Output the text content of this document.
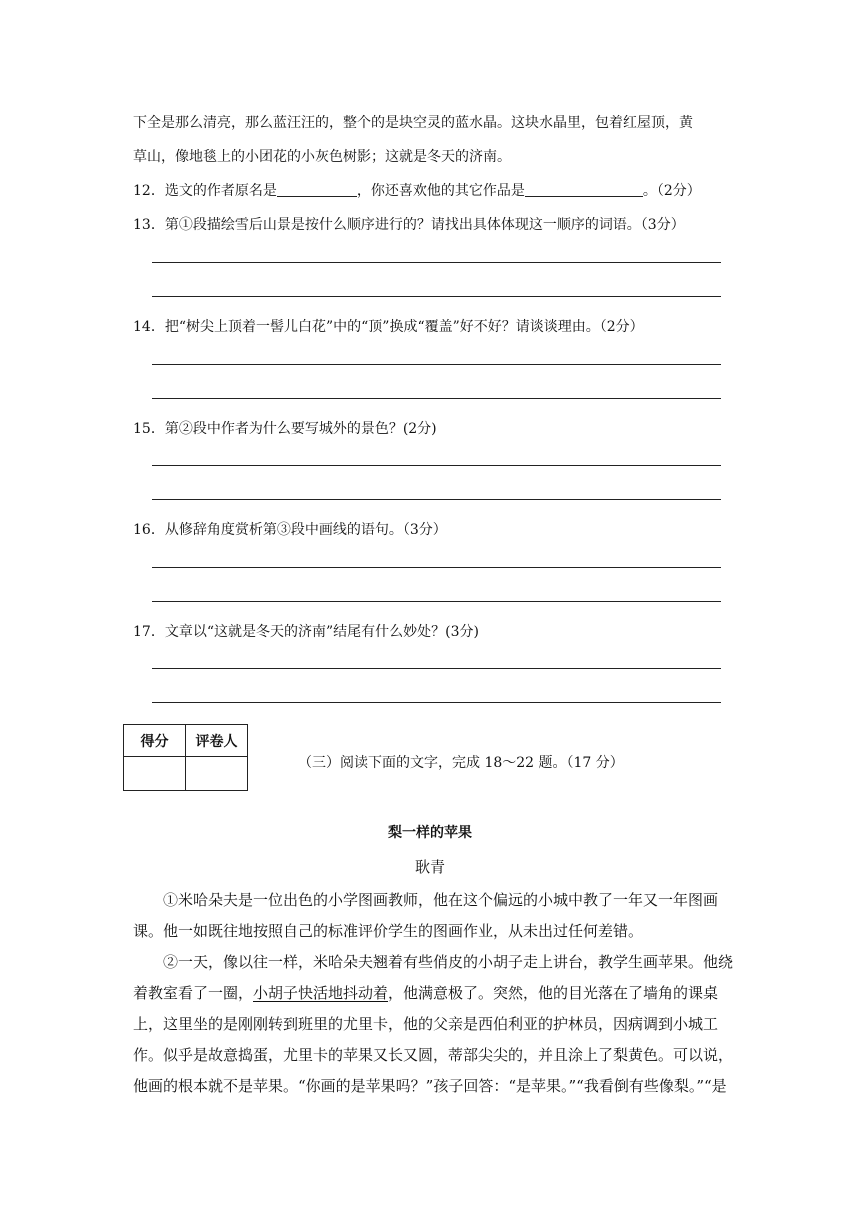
下全是那么清亮，那么蓝汪汪的，整个的是块空灵的蓝水晶。这块水晶里，包着红屋顶，黄
草山，像地毯上的小团花的小灰色树影；这就是冬天的济南。
12．选文的作者原名是	，你还喜欢他的其它作品是	。（2分）
13．第①段描绘雪后山景是按什么顺序进行的？请找出具体体现这一顺序的词语。（3分）
14．把“树尖上顶着一髻儿白花”中的“顶”换成“覆盖”好不好？请谈谈理由。（2分）
15．第②段中作者为什么要写城外的景色？(2分)
16．从修辞角度赏析第③段中画线的语句。（3分）
17．文章以“这就是冬天的济南”结尾有什么妙处？(3分)
得分	评卷人

（三）阅读下面的文字，完成 18～22 题。（17 分）
梨一样的苹果
耿青

①米哈朵夫是一位出色的小学图画教师，他在这个偏远的小城中教了一年又一年图画课。他一如既往地按照自己的标准评价学生的图画作业，从未出过任何差错。

②一天，像以往一样，米哈朵夫翘着有些俏皮的小胡子走上讲台，教学生画苹果。他绕着教室看了一圈，小胡子快活地抖动着，他满意极了。突然，他的目光落在了墙角的课桌上，这里坐的是刚刚转到班里的尤里卡，他的父亲是西伯利亚的护林员，因病调到小城工作。似乎是故意捣蛋，尤里卡的苹果又长又圆，蒂部尖尖的，并且涂上了梨黄色。可以说，他画的根本就不是苹果。“你画的是苹果吗？”孩子回答：“是苹果。”“我看倒有些像梨。”“是
